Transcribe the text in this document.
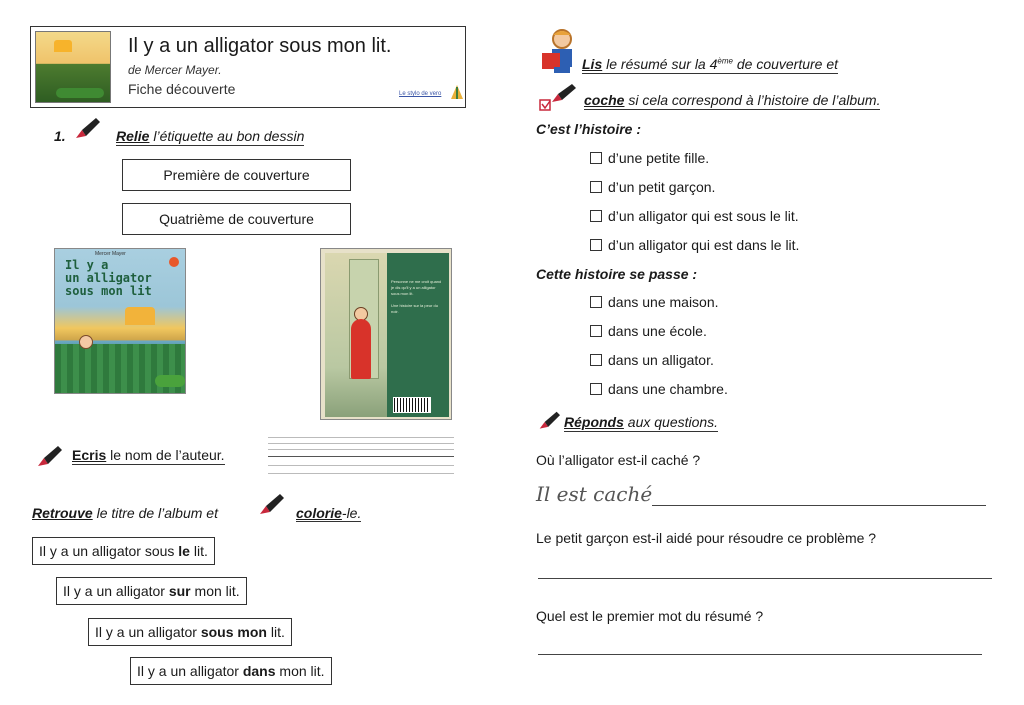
Il y a un alligator sous mon lit.
de Mercer Mayer.
Fiche découverte	Le stylo de vero
1.	Relie l’étiquette au bon dessin
Première de couverture
Quatrième de couverture
Mercer Mayer
Il y a
un alligator
sous mon lit
Personne ne me croit quand je dis qu'il y a un alligator sous mon lit.

Une histoire sur la peur du noir.
Ecris le nom de l’auteur.
Retrouve le titre de l’album et	colorie-le.
Il y a un alligator sous le lit.
Il y a un alligator sur mon lit.
Il y a un alligator sous mon lit.
Il y a un alligator dans mon lit.
Lis le résumé sur la 4ème de couverture et
coche si cela correspond à l’histoire de l’album.
C’est l’histoire :
d’une petite fille.
d’un petit garçon.
d’un alligator qui est sous le lit.
d’un alligator qui est dans le lit.
Cette histoire se passe :
dans une maison.
dans une école.
dans un alligator.
dans une chambre.
Réponds aux questions.
Où l’alligator est-il caché ?
Il est caché
Le petit garçon est-il aidé pour résoudre ce problème ?
Quel est le premier mot du résumé ?
